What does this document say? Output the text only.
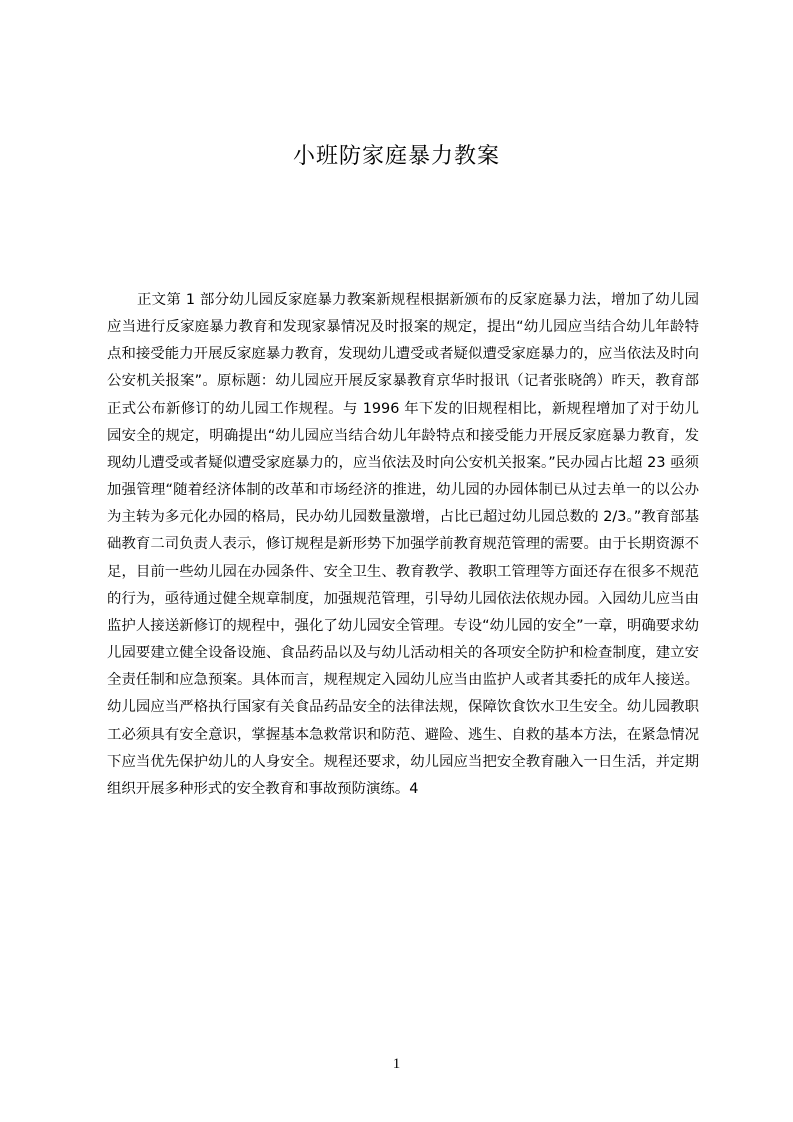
小班防家庭暴力教案

正文第 1 部分幼儿园反家庭暴力教案新规程根据新颁布的反家庭暴力法，增加了幼儿园应当进行反家庭暴力教育和发现家暴情况及时报案的规定，提出“幼儿园应当结合幼儿年龄特点和接受能力开展反家庭暴力教育，发现幼儿遭受或者疑似遭受家庭暴力的，应当依法及时向公安机关报案”。原标题：幼儿园应开展反家暴教育京华时报讯（记者张晓鸽）昨天，教育部正式公布新修订的幼儿园工作规程。与 1996 年下发的旧规程相比，新规程增加了对于幼儿园安全的规定，明确提出“幼儿园应当结合幼儿年龄特点和接受能力开展反家庭暴力教育，发现幼儿遭受或者疑似遭受家庭暴力的，应当依法及时向公安机关报案。”民办园占比超 23 亟须加强管理“随着经济体制的改革和市场经济的推进，幼儿园的办园体制已从过去单一的以公办为主转为多元化办园的格局，民办幼儿园数量激增，占比已超过幼儿园总数的 2/3。”教育部基础教育二司负责人表示，修订规程是新形势下加强学前教育规范管理的需要。由于长期资源不足，目前一些幼儿园在办园条件、安全卫生、教育教学、教职工管理等方面还存在很多不规范的行为，亟待通过健全规章制度，加强规范管理，引导幼儿园依法依规办园。入园幼儿应当由监护人接送新修订的规程中，强化了幼儿园安全管理。专设“幼儿园的安全”一章，明确要求幼儿园要建立健全设备设施、食品药品以及与幼儿活动相关的各项安全防护和检查制度，建立安全责任制和应急预案。具体而言，规程规定入园幼儿应当由监护人或者其委托的成年人接送。幼儿园应当严格执行国家有关食品药品安全的法律法规，保障饮食饮水卫生安全。幼儿园教职工必须具有安全意识，掌握基本急救常识和防范、避险、逃生、自救的基本方法，在紧急情况下应当优先保护幼儿的人身安全。规程还要求，幼儿园应当把安全教育融入一日生活，并定期组织开展多种形式的安全教育和事故预防演练。4

1
